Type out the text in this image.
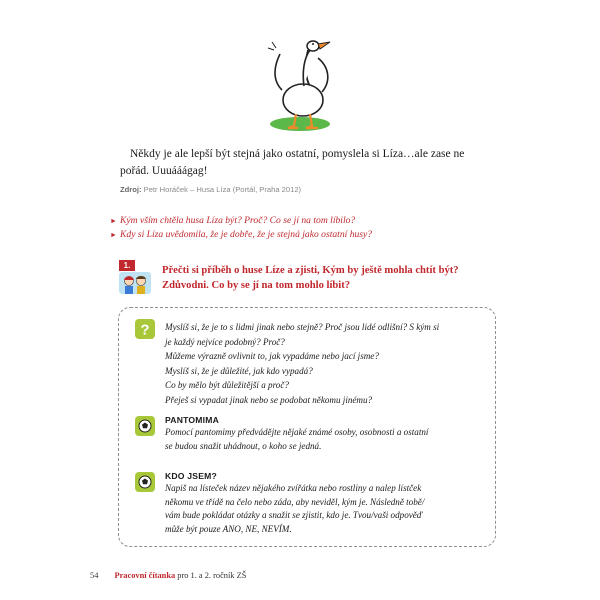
Někdy je ale lepší být stejná jako ostatní, pomyslela si Líza…ale zase ne pořád. Uuuááágag!
Zdroj: Petr Horáček – Husa Líza (Portál, Praha 2012)
► Kým vším chtěla husa Líza být? Proč? Co se jí na tom líbilo?
► Kdy si Líza uvědomila, že je dobře, že je stejná jako ostatní husy?
1.	Přečti si příběh o huse Líze a zjisti, Kým by ještě mohla chtít být? Zdůvodni. Co by se jí na tom mohlo líbit?
? Myslíš si, že je to s lidmi jinak nebo stejně? Proč jsou lidé odlišní? S kým si
je každý nejvíce podobný? Proč?
Můžeme výrazně ovlivnit to, jak vypadáme nebo jací jsme?
Myslíš si, že je důležité, jak kdo vypadá?
Co by mělo být důležitější a proč?
Přeješ si vypadat jinak nebo se podobat někomu jinému?
PANTOMIMA
Pomocí pantomimy předvádějte nějaké známé osoby, osobnosti a ostatní
se budou snažit uhádnout, o koho se jedná.
KDO JSEM?
Napiš na lísteček název nějakého zvířátka nebo rostliny a nalep lístček
někomu ve třídě na čelo nebo záda, aby neviděl, kým je. Následně tobě/
vám bude pokládat otázky a snažit se zjistit, kdo je. Tvou/vaši odpověď
může být pouze ANO, NE, NEVÍM.
54 Pracovní čítanka pro 1. a 2. ročník ZŠ
